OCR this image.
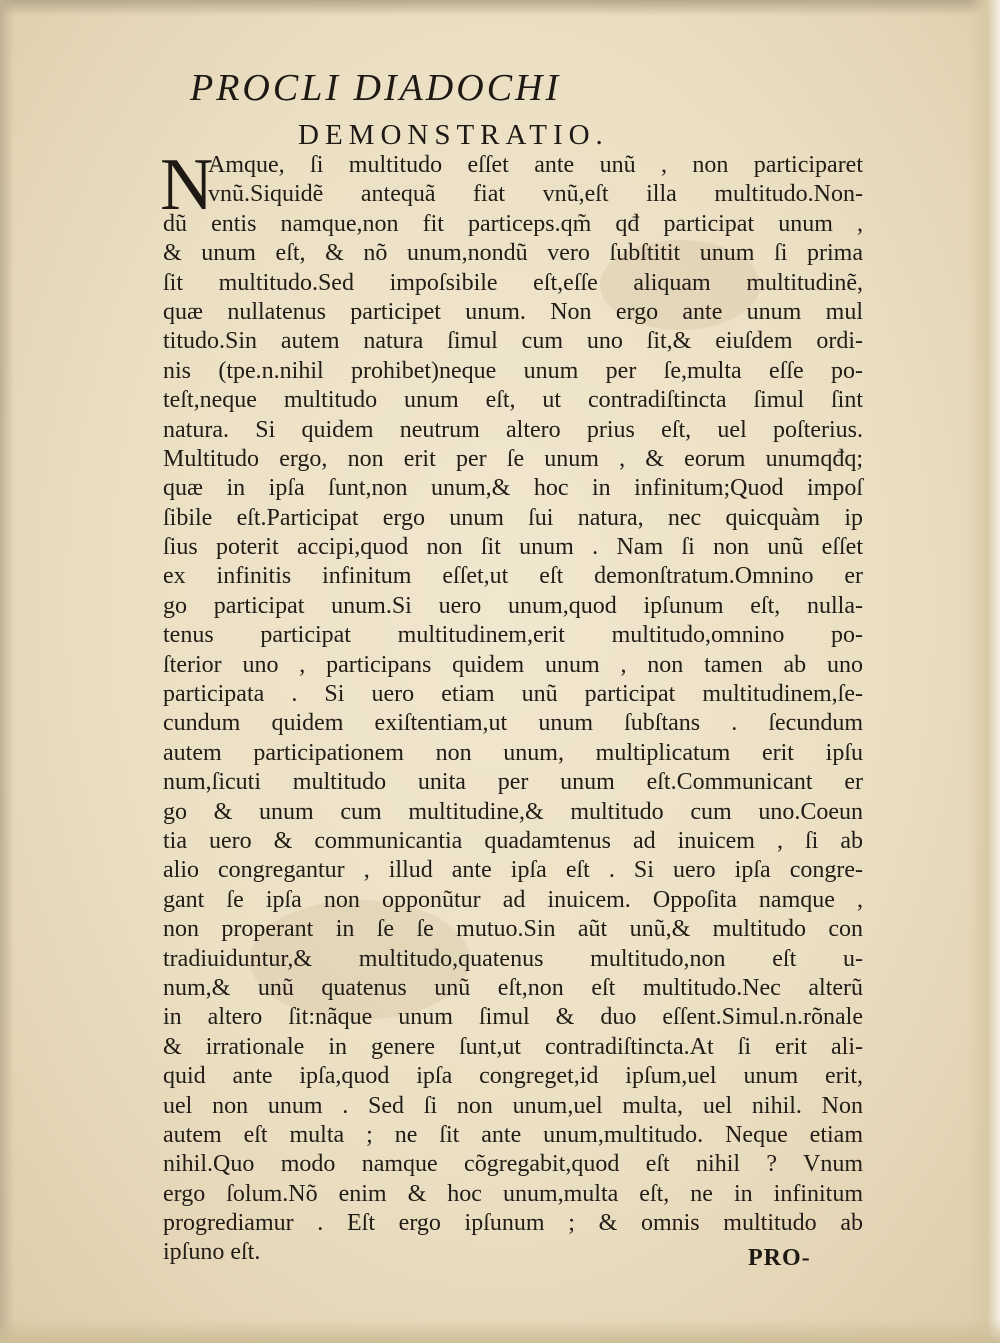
PROCLI DIADOCHI
DEMONSTRATIO.
N
Amque, ſi multitudo eſſet ante unũ , non participaret
vnũ.Siquidẽ antequã fiat vnũ,eſt illa multitudo.Non-
dũ entis namque,non fit particeps.qm̃ qđ participat unum ,
& unum eſt, & nõ unum,nondũ vero ſubſtitit unum ſi prima
ſit multitudo.Sed impoſsibile eſt,eſſe aliquam multitudinẽ,
quæ nullatenus participet unum. Non ergo ante unum mul
titudo.Sin autem natura ſimul cum uno ſit,& eiuſdem ordi-
nis (tpe.n.nihil prohibet)neque unum per ſe,multa eſſe po-
teſt,neque multitudo unum eſt, ut contradiſtincta ſimul ſint
natura. Si quidem neutrum altero prius eſt, uel poſterius.
Multitudo ergo, non erit per ſe unum , & eorum unumqđq;
quæ in ipſa ſunt,non unum,& hoc in infinitum;Quod impoſ
ſibile eſt.Participat ergo unum ſui natura, nec quicquàm ip
ſius poterit accipi,quod non ſit unum . Nam ſi non unũ eſſet
ex infinitis infinitum eſſet,ut eſt demonſtratum.Omnino er
go participat unum.Si uero unum,quod ipſunum eſt, nulla-
tenus participat multitudinem,erit multitudo,omnino po-
ſterior uno , participans quidem unum , non tamen ab uno
participata . Si uero etiam unũ participat multitudinem,ſe-
cundum quidem exiſtentiam,ut unum ſubſtans . ſecundum
autem participationem non unum, multiplicatum erit ipſu
num,ſicuti multitudo unita per unum eſt.Communicant er
go & unum cum multitudine,& multitudo cum uno.Coeun
tia uero & communicantia quadamtenus ad inuicem , ſi ab
alio congregantur , illud ante ipſa eſt . Si uero ipſa congre-
gant ſe ipſa non opponũtur ad inuicem. Oppoſita namque ,
non properant in ſe ſe mutuo.Sin aũt unũ,& multitudo con
tradiuiduntur,& multitudo,quatenus multitudo,non eſt u-
num,& unũ quatenus unũ eſt,non eſt multitudo.Nec alterũ
in altero ſit:nãque unum ſimul & duo eſſent.Simul.n.rõnale
& irrationale in genere ſunt,ut contradiſtincta.At ſi erit ali-
quid ante ipſa,quod ipſa congreget,id ipſum,uel unum erit,
uel non unum . Sed ſi non unum,uel multa, uel nihil. Non
autem eſt multa ; ne ſit ante unum,multitudo. Neque etiam
nihil.Quo modo namque cõgregabit,quod eſt nihil ? Vnum
ergo ſolum.Nõ enim & hoc unum,multa eſt, ne in infinitum
progrediamur . Eſt ergo ipſunum ; & omnis multitudo ab
ipſuno eſt.	PRO-
